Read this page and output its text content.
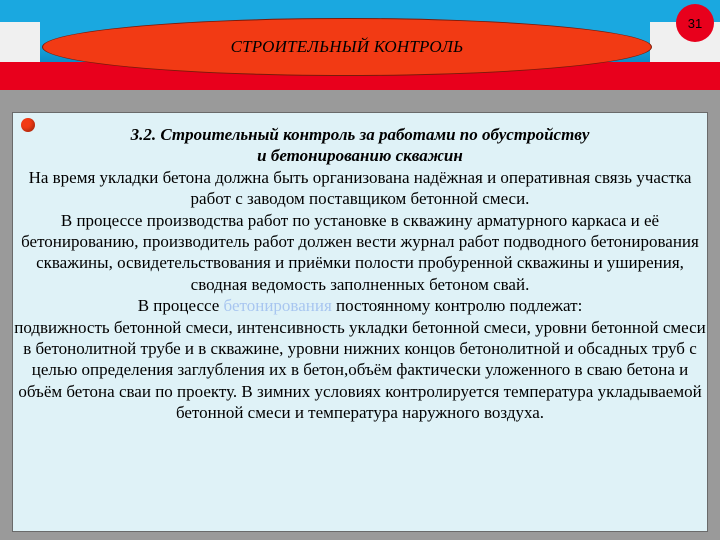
СТРОИТЕЛЬНЫЙ КОНТРОЛЬ
31

3.2. Строительный контроль за работами по обустройству
и бетонированию скважин

На время укладки бетона должна быть организована надёжная и оперативная связь участка работ с заводом поставщиком бетонной смеси.

В процессе производства работ по установке в скважину арматурного каркаса и её бетонированию, производитель работ должен вести журнал работ подводного бетонирования скважины, освидетельствования и приёмки полости пробуренной скважины и уширения, сводная ведомость заполненных бетоном свай.

В процессе бетонирования постоянному контролю подлежат:

подвижность бетонной смеси, интенсивность укладки бетонной смеси, уровни бетонной смеси в бетонолитной трубе и в скважине, уровни нижних концов бетонолитной и обсадных труб с целью определения заглубления их в бетон,объём фактически уложенного в сваю бетона и объём бетона сваи по проекту. В зимних условиях контролируется температура укладываемой бетонной смеси и температура наружного воздуха.
